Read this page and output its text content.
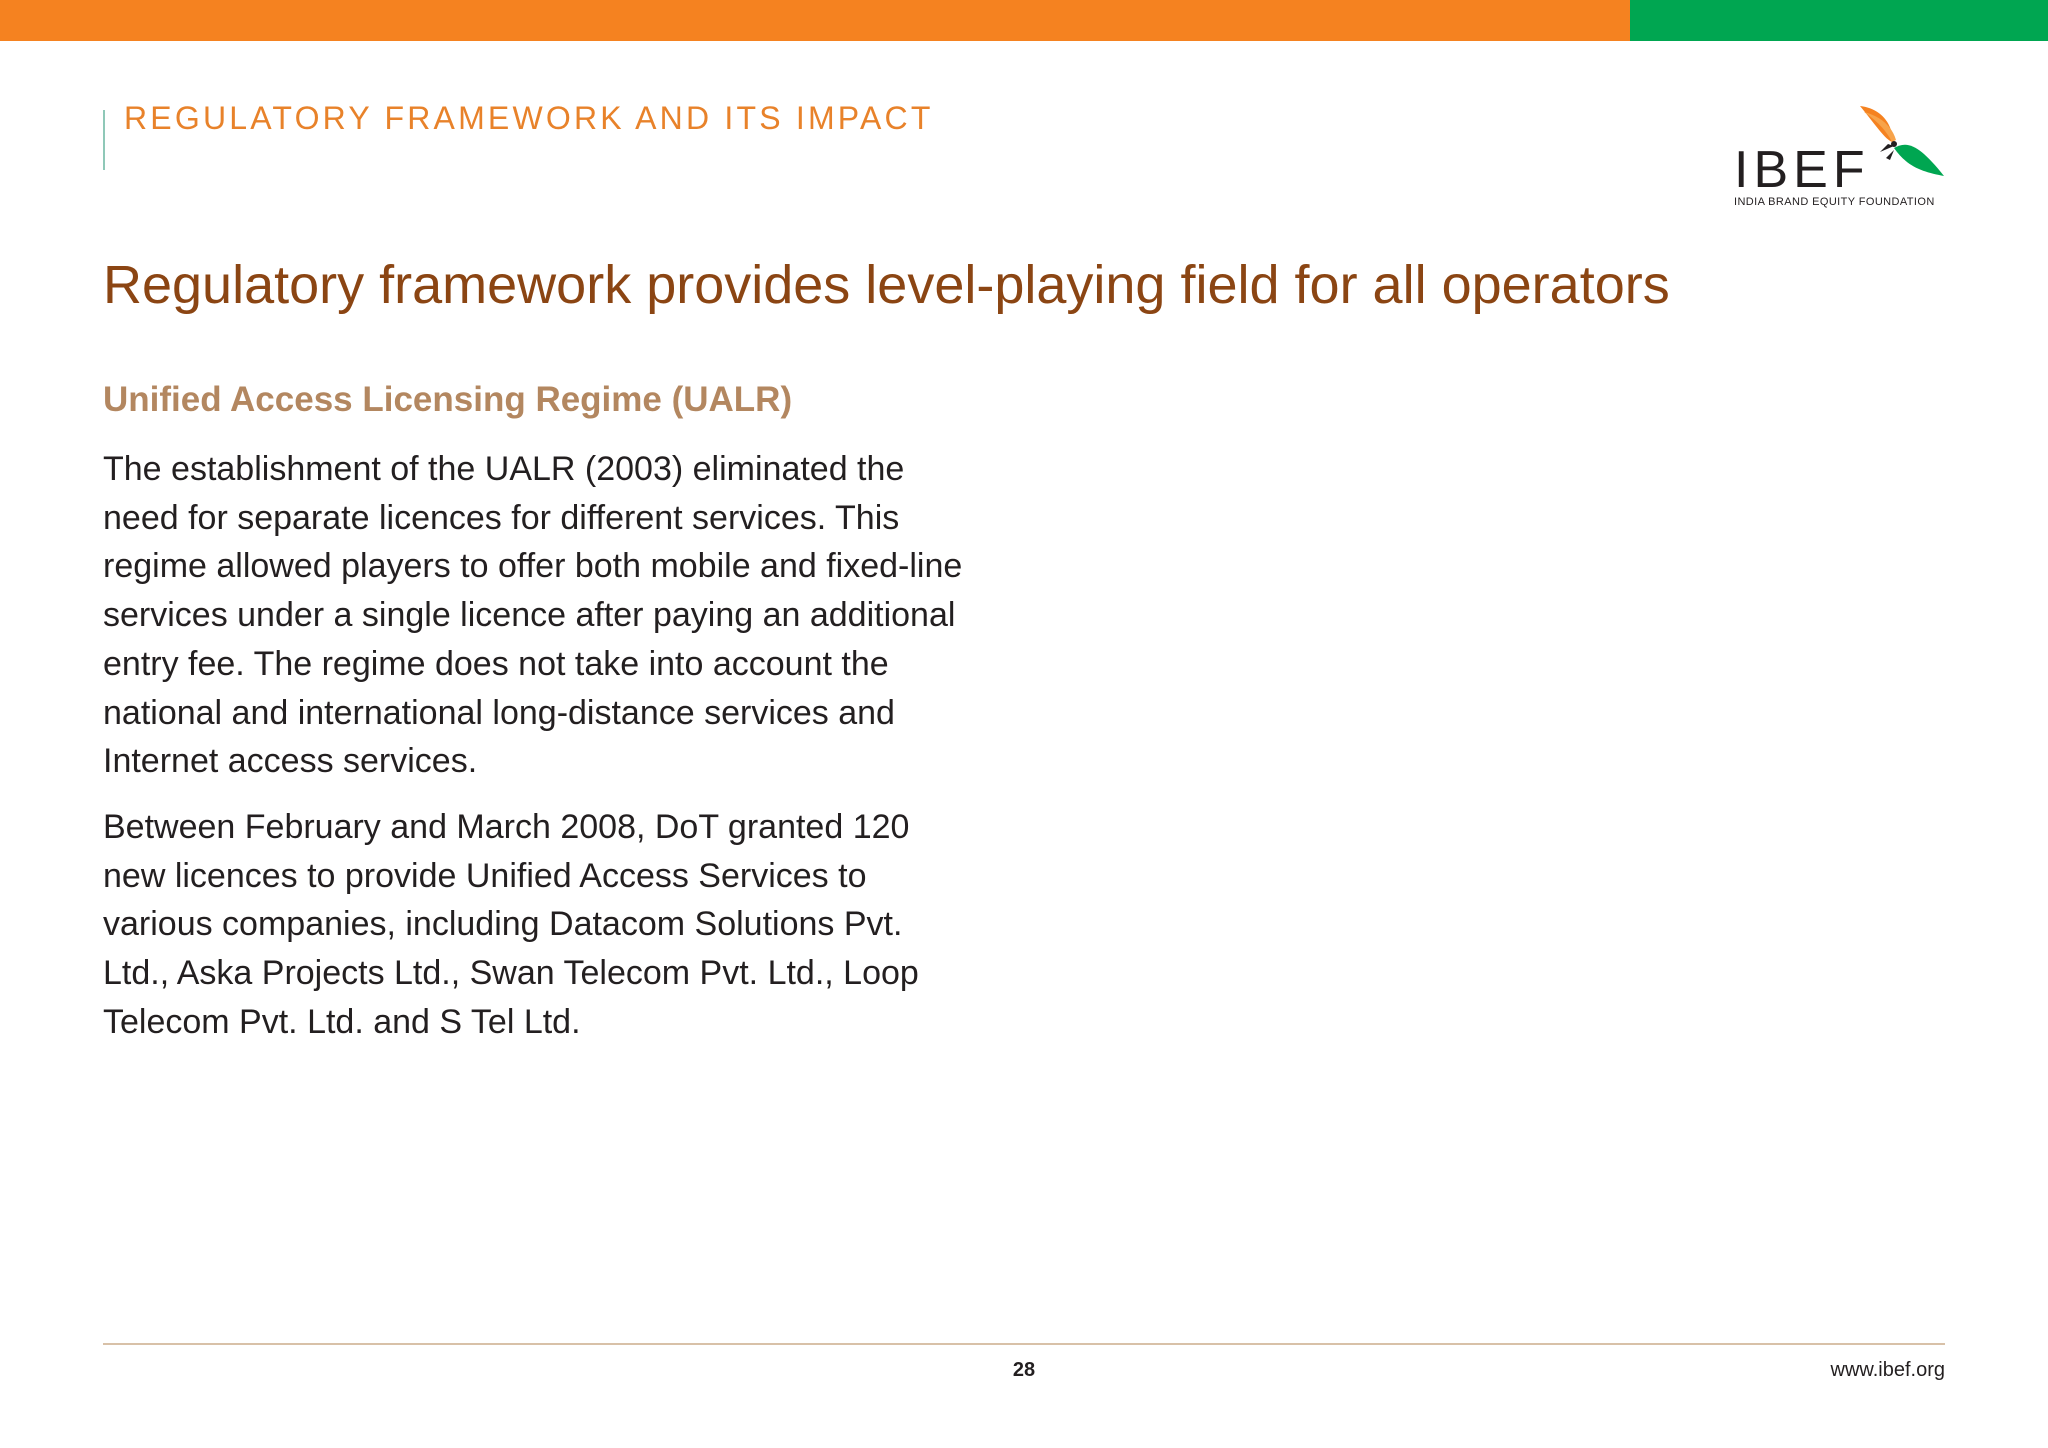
REGULATORY FRAMEWORK AND ITS IMPACT
IBEF
INDIA BRAND EQUITY FOUNDATION
Regulatory framework provides level-playing field for all operators
Unified Access Licensing Regime (UALR)

The establishment of the UALR (2003) eliminated the need for separate licences for different services. This regime allowed players to offer both mobile and fixed-line services under a single licence after paying an additional entry fee. The regime does not take into account the national and international long-distance services and Internet access services.

Between February and March 2008, DoT granted 120 new licences to provide Unified Access Services to various companies, including Datacom Solutions Pvt. Ltd., Aska Projects Ltd., Swan Telecom Pvt. Ltd., Loop Telecom Pvt. Ltd. and S Tel Ltd.

28	www.ibef.org
